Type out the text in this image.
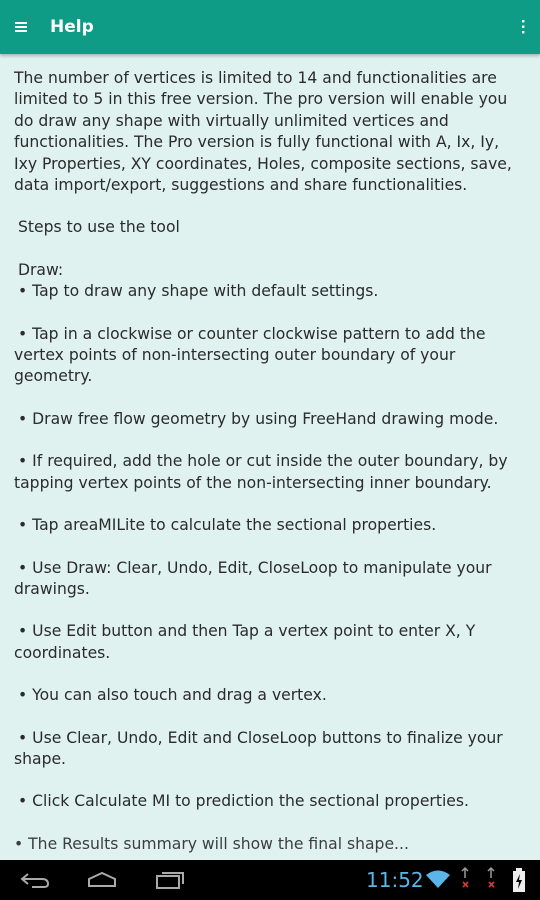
Help

The number of vertices is limited to 14 and functionalities are limited to 5 in this free version. The pro version will enable you do draw any shape with virtually unlimited vertices and functionalities. The Pro version is fully functional with A, Ix, Iy, Ixy Properties, XY coordinates, Holes, composite sections, save, data import/export, suggestions and share functionalities.

Steps to use the tool

Draw:

• Tap to draw any shape with default settings.

• Tap in a clockwise or counter clockwise pattern to add the vertex points of non-intersecting outer boundary of your geometry.

• Draw free flow geometry by using FreeHand drawing mode.

• If required, add the hole or cut inside the outer boundary, by tapping vertex points of the non-intersecting inner boundary.

• Tap areaMILite to calculate the sectional properties.

• Use Draw: Clear, Undo, Edit, CloseLoop to manipulate your drawings.

• Use Edit button and then Tap a vertex point to enter X, Y coordinates.

• You can also touch and drag a vertex.

• Use Clear, Undo, Edit and CloseLoop buttons to finalize your shape.

• Click Calculate MI to prediction the sectional properties.

• The Results summary will show the final shape...

11:52
